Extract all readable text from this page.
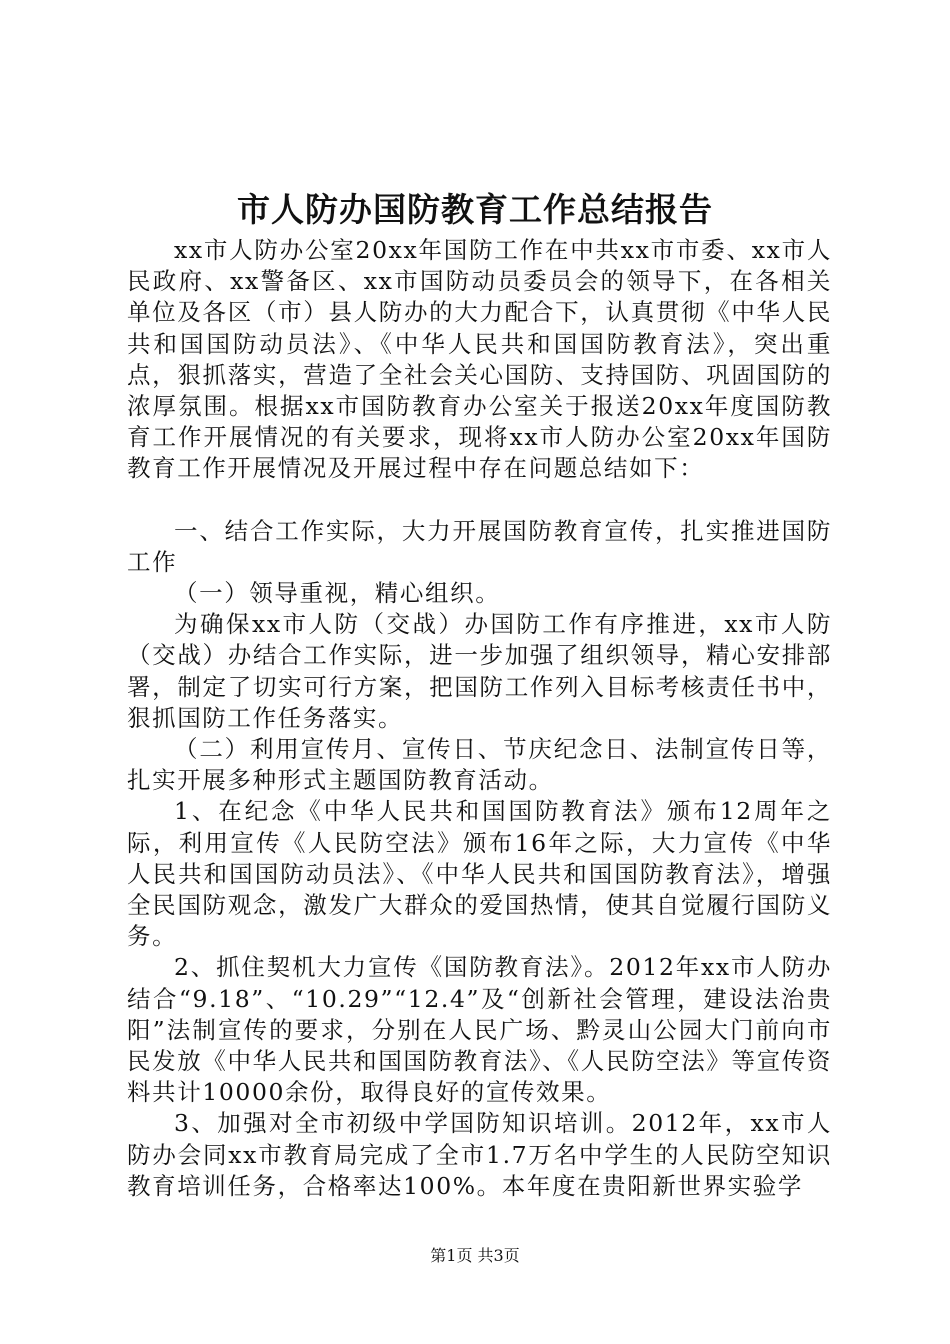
市人防办国防教育工作总结报告

xx市人防办公室20xx年国防工作在中共xx市市委、xx市人民政府、xx警备区、xx市国防动员委员会的领导下，在各相关单位及各区（市）县人防办的大力配合下，认真贯彻《中华人民共和国国防动员法》、《中华人民共和国国防教育法》，突出重点，狠抓落实，营造了全社会关心国防、支持国防、巩固国防的浓厚氛围。根据xx市国防教育办公室关于报送20xx年度国防教育工作开展情况的有关要求，现将xx市人防办公室20xx年国防教育工作开展情况及开展过程中存在问题总结如下：

一、结合工作实际，大力开展国防教育宣传，扎实推进国防工作

（一）领导重视，精心组织。

为确保xx市人防（交战）办国防工作有序推进，xx市人防（交战）办结合工作实际，进一步加强了组织领导，精心安排部署，制定了切实可行方案，把国防工作列入目标考核责任书中，狠抓国防工作任务落实。

（二）利用宣传月、宣传日、节庆纪念日、法制宣传日等，扎实开展多种形式主题国防教育活动。

1、在纪念《中华人民共和国国防教育法》颁布12周年之际，利用宣传《人民防空法》颁布16年之际，大力宣传《中华人民共和国国防动员法》、《中华人民共和国国防教育法》，增强全民国防观念，激发广大群众的爱国热情，使其自觉履行国防义务。

2、抓住契机大力宣传《国防教育法》。2012年xx市人防办结合“9.18”、“10.29”“12.4”及“创新社会管理，建设法治贵阳”法制宣传的要求，分别在人民广场、黔灵山公园大门前向市民发放《中华人民共和国国防教育法》、《人民防空法》等宣传资料共计10000余份，取得良好的宣传效果。

3、加强对全市初级中学国防知识培训。2012年，xx市人防办会同xx市教育局完成了全市1.7万名中学生的人民防空知识教育培训任务，合格率达100%。本年度在贵阳新世界实验学

第1页 共3页
